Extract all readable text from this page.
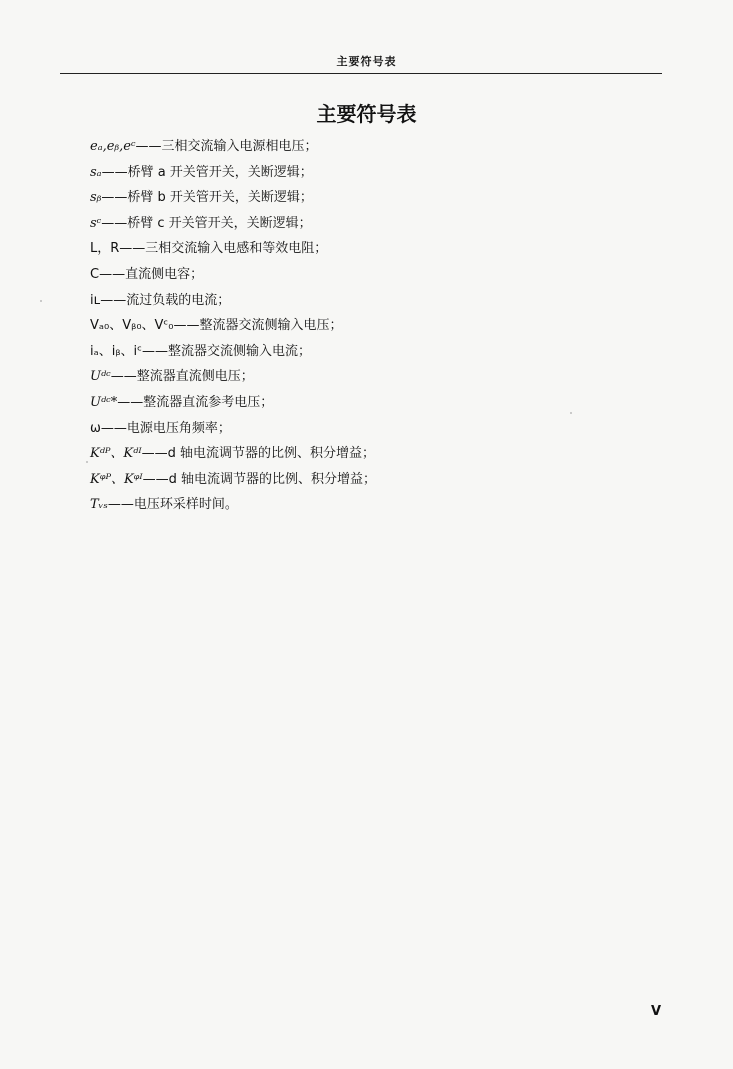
主要符号表
主要符号表
eₐ,eᵦ,eᶜ——三相交流输入电源相电压；
sₐ——桥臂 a 开关管开关，关断逻辑；
sᵦ——桥臂 b 开关管开关，关断逻辑；
sᶜ——桥臂 c 开关管开关，关断逻辑；
L，R——三相交流输入电感和等效电阻；
C——直流侧电容；
iʟ——流过负载的电流；
Vₐ₀、Vᵦ₀、Vᶜ₀——整流器交流侧输入电压；
iₐ、iᵦ、iᶜ——整流器交流侧输入电流；
Uᵈᶜ——整流器直流侧电压；
Uᵈᶜ*——整流器直流参考电压；
ω——电源电压角频率；
Kᵈᴾ、Kᵈᴵ——d 轴电流调节器的比例、积分增益；
Kᵠᴾ、Kᵠᴵ——d 轴电流调节器的比例、积分增益；
Tᵥₛ——电压环采样时间。
V
